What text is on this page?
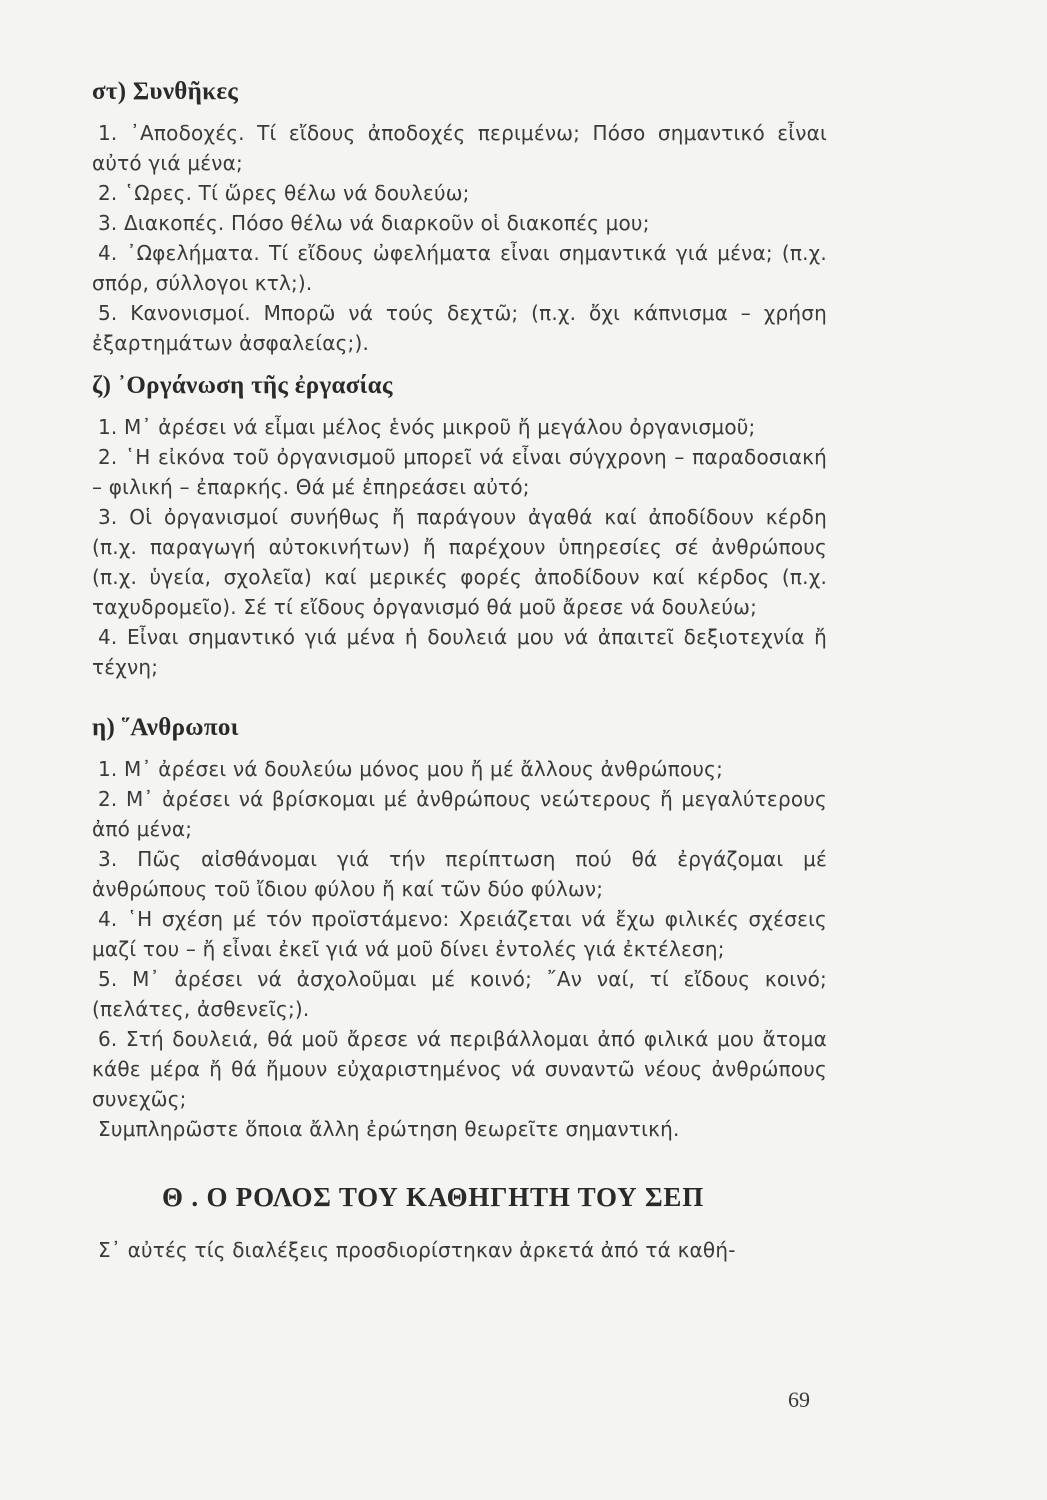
στ) Συνθῆκες

1. ᾿Αποδοχές. Τί εἴδους ἀποδοχές περιμένω; Πόσο σημαντικό εἶναι αὐτό γιά μένα;

2. ῾Ωρες. Τί ὥρες θέλω νά δουλεύω;

3. Διακοπές. Πόσο θέλω νά διαρκοῦν οἱ διακοπές μου;

4. ᾿Ωφελήματα. Τί εἴδους ὠφελήματα εἶναι σημαντικά γιά μένα; (π.χ. σπόρ, σύλλογοι κτλ;).

5. Κανονισμοί. Μπορῶ νά τούς δεχτῶ; (π.χ. ὄχι κάπνισμα – χρήση ἐξαρτημάτων ἀσφαλείας;).

ζ) ᾿Οργάνωση τῆς ἐργασίας

1. Μ᾿ ἀρέσει νά εἶμαι μέλος ἑνός μικροῦ ἤ μεγάλου ὀργανισμοῦ;

2. ῾Η εἰκόνα τοῦ ὀργανισμοῦ μπορεῖ νά εἶναι σύγχρονη – παραδοσιακή – φιλική – ἐπαρκής. Θά μέ ἐπηρεάσει αὐτό;

3. Οἱ ὀργανισμοί συνήθως ἤ παράγουν ἀγαθά καί ἀποδίδουν κέρδη (π.χ. παραγωγή αὐτοκινήτων) ἤ παρέχουν ὑπηρεσίες σέ ἀνθρώπους (π.χ. ὑγεία, σχολεῖα) καί μερικές φορές ἀποδίδουν καί κέρδος (π.χ. ταχυδρομεῖο). Σέ τί εἴδους ὀργανισμό θά μοῦ ἄρεσε νά δουλεύω;

4. Εἶναι σημαντικό γιά μένα ἡ δουλειά μου νά ἀπαιτεῖ δεξιοτεχνία ἤ τέχνη;

η) ῞Ανθρωποι

1. Μ᾿ ἀρέσει νά δουλεύω μόνος μου ἤ μέ ἄλλους ἀνθρώπους;

2. Μ᾿ ἀρέσει νά βρίσκομαι μέ ἀνθρώπους νεώτερους ἤ μεγαλύτερους ἀπό μένα;

3. Πῶς αἰσθάνομαι γιά τήν περίπτωση πού θά ἐργάζομαι μέ ἀνθρώπους τοῦ ἴδιου φύλου ἤ καί τῶν δύο φύλων;

4. ῾Η σχέση μέ τόν προϊστάμενο: Χρειάζεται νά ἔχω φιλικές σχέσεις μαζί του – ἤ εἶναι ἐκεῖ γιά νά μοῦ δίνει ἐντολές γιά ἐκτέλεση;

5. Μ᾿ ἀρέσει νά ἀσχολοῦμαι μέ κοινό; ῎Αν ναί, τί εἴδους κοινό; (πελάτες, ἀσθενεῖς;).

6. Στή δουλειά, θά μοῦ ἄρεσε νά περιβάλλομαι ἀπό φιλικά μου ἄτομα κάθε μέρα ἤ θά ἤμουν εὐχαριστημένος νά συναντῶ νέους ἀνθρώπους συνεχῶς;

Συμπληρῶστε ὅποια ἄλλη ἐρώτηση θεωρεῖτε σημαντική.

Θ . Ο ΡΟΛΟΣ ΤΟΥ ΚΑΘΗΓΗΤΗ ΤΟΥ ΣΕΠ

Σ᾿ αὐτές τίς διαλέξεις προσδιορίστηκαν ἀρκετά ἀπό τά καθή-

69
